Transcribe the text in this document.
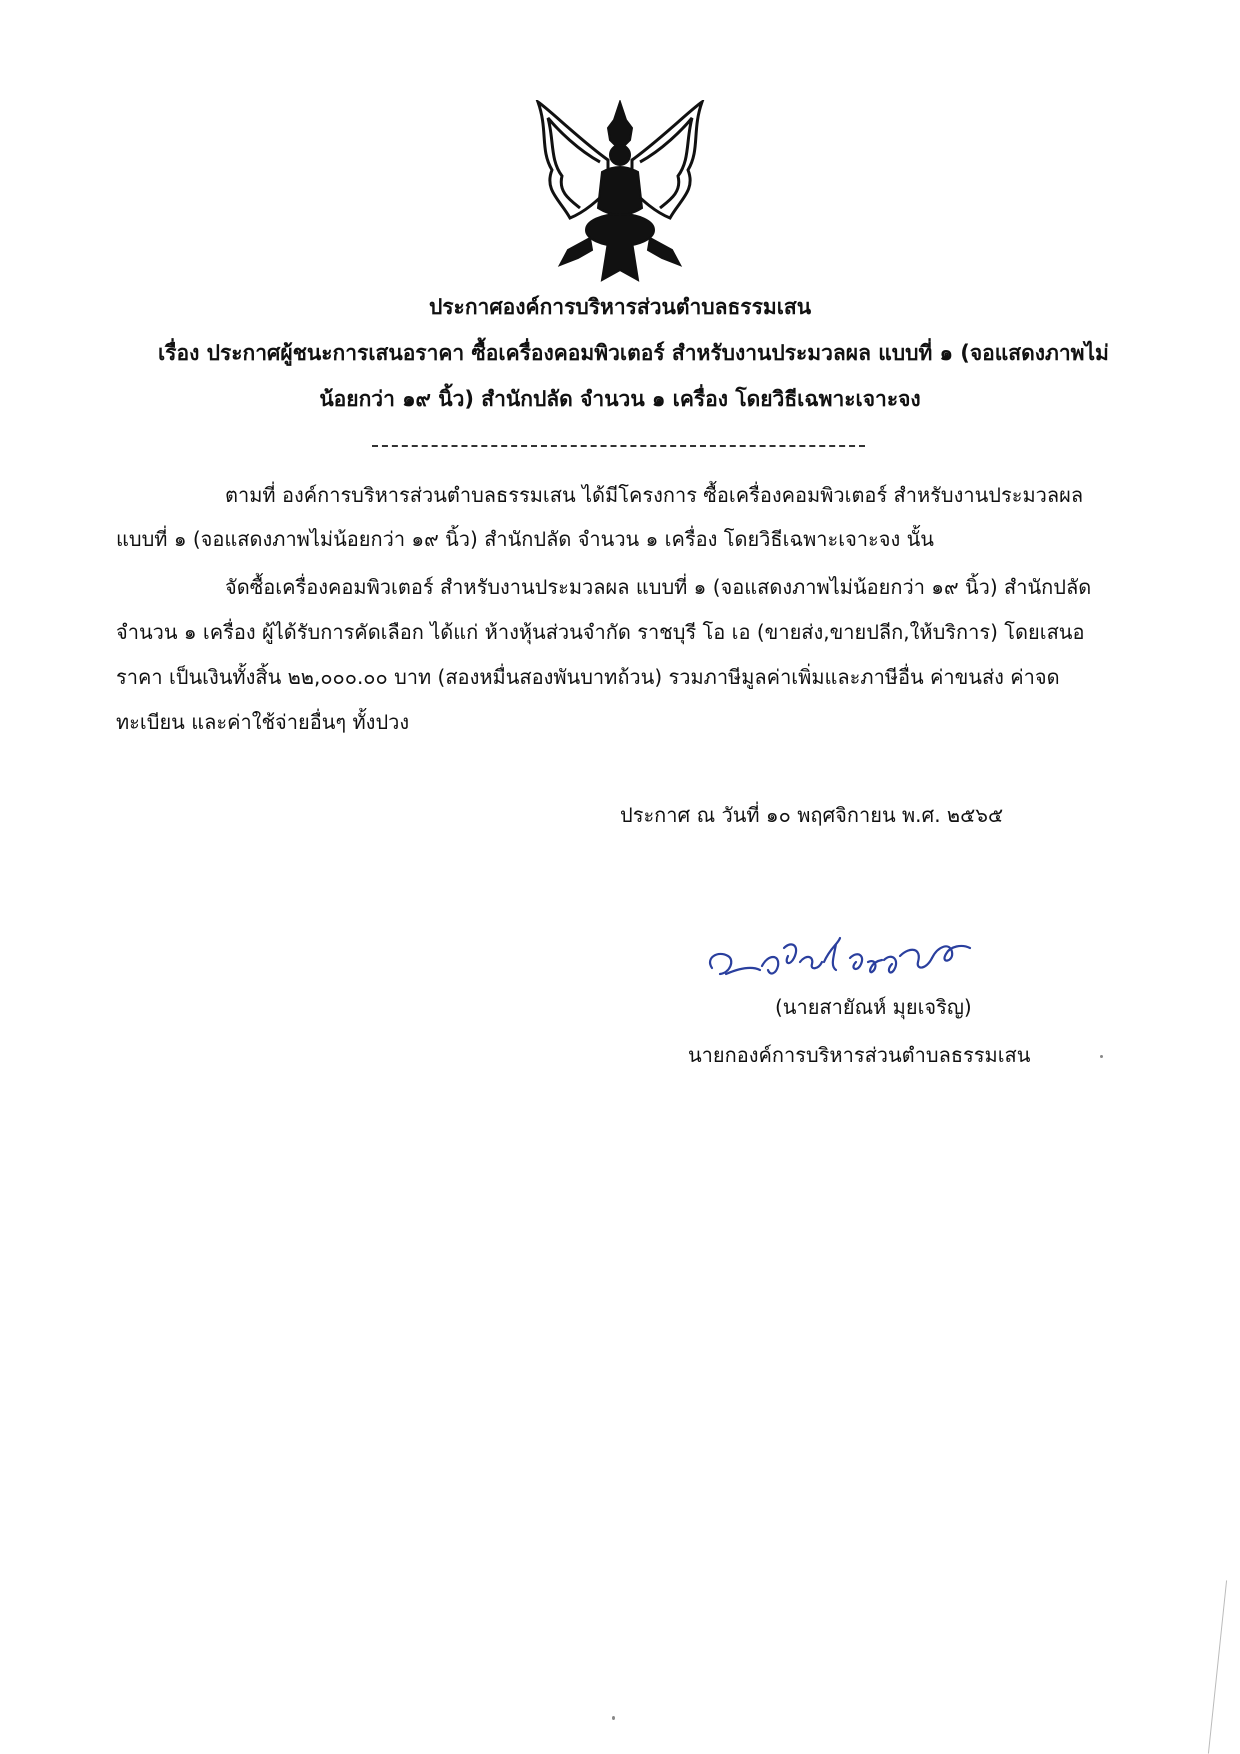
ประกาศองค์การบริหารส่วนตำบลธรรมเสน
เรื่อง ประกาศผู้ชนะการเสนอราคา ซื้อเครื่องคอมพิวเตอร์ สำหรับงานประมวลผล แบบที่ ๑ (จอแสดงภาพไม่
น้อยกว่า ๑๙ นิ้ว) สำนักปลัด จำนวน ๑ เครื่อง โดยวิธีเฉพาะเจาะจง
ตามที่ องค์การบริหารส่วนตำบลธรรมเสน ได้มีโครงการ ซื้อเครื่องคอมพิวเตอร์ สำหรับงานประมวลผล
แบบที่ ๑ (จอแสดงภาพไม่น้อยกว่า ๑๙ นิ้ว) สำนักปลัด จำนวน ๑ เครื่อง โดยวิธีเฉพาะเจาะจง นั้น
จัดซื้อเครื่องคอมพิวเตอร์ สำหรับงานประมวลผล แบบที่ ๑ (จอแสดงภาพไม่น้อยกว่า ๑๙ นิ้ว) สำนักปลัด
จำนวน ๑ เครื่อง ผู้ได้รับการคัดเลือก ได้แก่ ห้างหุ้นส่วนจำกัด ราชบุรี โอ เอ (ขายส่ง,ขายปลีก,ให้บริการ) โดยเสนอ
ราคา เป็นเงินทั้งสิ้น ๒๒,๐๐๐.๐๐ บาท (สองหมื่นสองพันบาทถ้วน) รวมภาษีมูลค่าเพิ่มและภาษีอื่น ค่าขนส่ง ค่าจด
ทะเบียน และค่าใช้จ่ายอื่นๆ ทั้งปวง
ประกาศ ณ วันที่ ๑๐ พฤศจิกายน พ.ศ. ๒๕๖๕
(นายสายัณห์ มุยเจริญ)
นายกองค์การบริหารส่วนตำบลธรรมเสน
